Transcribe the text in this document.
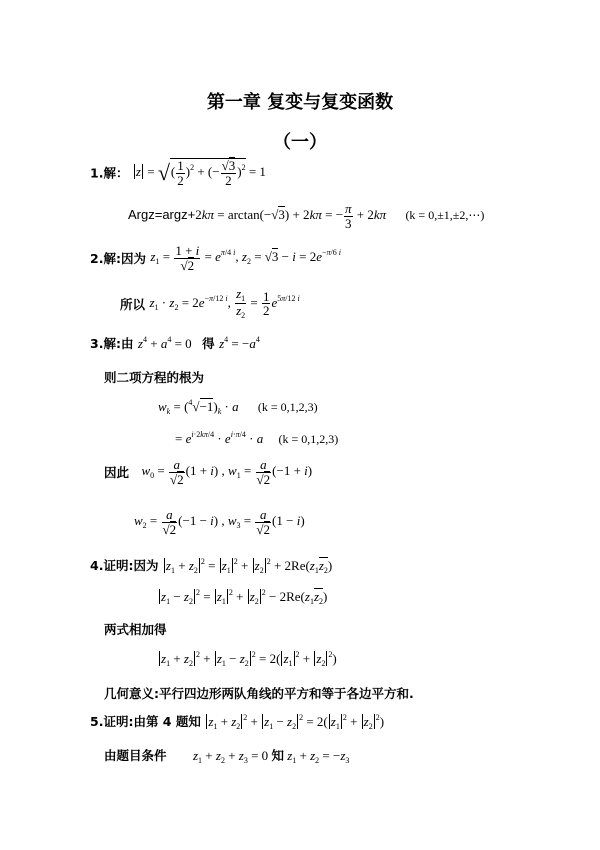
第一章 复变与复变函数
（一）
1.解： z = √( $\frac{1}{2} )^2$ + (− $\frac{√3}{2} )^2 = 1$
Argz=argz+2kπ = arctan(−√3) + 2kπ = − $\frac{\pi}{3} + 2k\pi$ (k = 0,±1,±2,⋯)
2.解:因为 $z_1 = \frac{1 + i}{√2} = e^{\pi/4 i}$, $z_2 = √3 - i = 2e^{-\pi/6 i}$
所以 $z_1 \cdot z_2 = 2e^{-\pi/12 i}$, $\frac{z_1}{z_2} = \frac{1}{2} e^{5\pi/12 i}$
3.解:由 $z^4 + a^4 = 0$ 得 $z^4 = -a^4$
则二项方程的根为
$w_k = (^4√-1)_k \cdot a$ (k = 0,1,2,3)
= $e^{i\cdot 2k\pi/4} \cdot e^{i\cdot\pi/4} \cdot a$ (k = 0,1,2,3)
因此 $w_0 = \frac{a}{√2} (1 + i)$ , $w_1 = \frac{a}{√2} (-1 + i)$
$w_2 = \frac{a}{√2} (-1 - i)$ , $w_3 = \frac{a}{√2} (1 - i)$
4.证明:因为 $z_1 + z_2^2 = z_1^2 + z_2^2 + 2Re(z_1z_2)$
$z_1 - z_2^2 = z_1^2 + z_2^2 - 2Re(z_1z_2)$
两式相加得
$z_1 + z_2^2 + z_1 - z_2^2 = 2$( $z_1^2 + z_2^2$)
几何意义:平行四边形两队角线的平方和等于各边平方和.
5.证明:由第 4 题知 $z_1 + z_2^2 + z_1 - z_2^2 = 2$( $z_1^2 + z_2^2$)
由题目条件 $z_1 + z_2 + z_3 = 0$ 知 $z_1 + z_2 = -z_3$
